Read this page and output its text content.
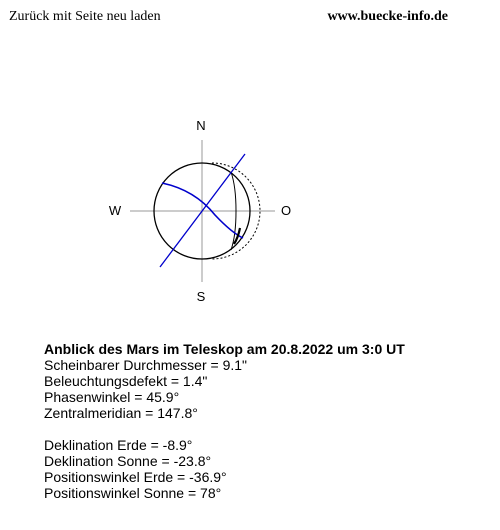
Zurück mit Seite neu laden	www.buecke-info.de
N
S
W	O
Anblick des Mars im Teleskop am 20.8.2022 um 3:0 UT
Scheinbarer Durchmesser = 9.1"
Beleuchtungsdefekt = 1.4"
Phasenwinkel = 45.9°
Zentralmeridian = 147.8°
Deklination Erde = -8.9°
Deklination Sonne = -23.8°
Positionswinkel Erde = -36.9°
Positionswinkel Sonne = 78°
